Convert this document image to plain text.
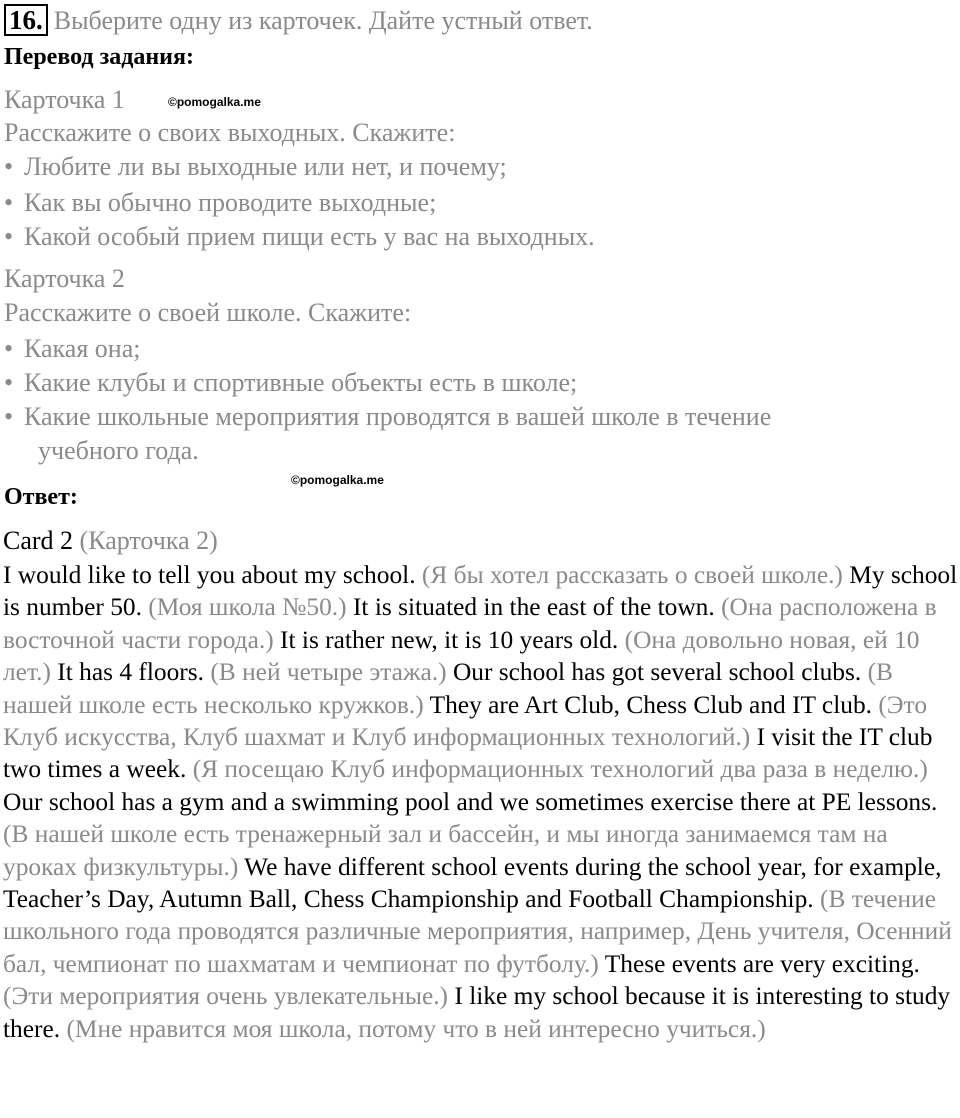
16. Выберите одну из карточек. Дайте устный ответ.
Перевод задания:
Карточка 1	©pomogalka.me
Расскажите о своих выходных. Скажите:
• Любите ли вы выходные или нет, и почему;
• Как вы обычно проводите выходные;
• Какой особый прием пищи есть у вас на выходных.
Карточка 2
Расскажите о своей школе. Скажите:
• Какая она;
• Какие клубы и спортивные объекты есть в школе;
• Какие школьные мероприятия проводятся в вашей школе в течение
учебного года.
Ответ:
©pomogalka.me
Card 2 (Карточка 2)
I would like to tell you about my school. (Я бы хотел рассказать о своей школе.) My school is number 50. (Моя школа №50.) It is situated in the east of the town. (Она расположена в восточной части города.) It is rather new, it is 10 years old. (Она довольно новая, ей 10 лет.) It has 4 floors. (В ней четыре этажа.) Our school has got several school clubs. (В нашей школе есть несколько кружков.) They are Art Club, Chess Club and IT club. (Это Клуб искусства, Клуб шахмат и Клуб информационных технологий.) I visit the IT club two times a week. (Я посещаю Клуб информационных технологий два раза в неделю.) Our school has a gym and a swimming pool and we sometimes exercise there at PE lessons. (В нашей школе есть тренажерный зал и бассейн, и мы иногда занимаемся там на уроках физкультуры.) We have different school events during the school year, for example, Teacher’s Day, Autumn Ball, Chess Championship and Football Championship. (В течение школьного года проводятся различные мероприятия, например, День учителя, Осенний бал, чемпионат по шахматам и чемпионат по футболу.) These events are very exciting. (Эти мероприятия очень увлекательные.) I like my school because it is interesting to study there. (Мне нравится моя школа, потому что в ней интересно учиться.)
